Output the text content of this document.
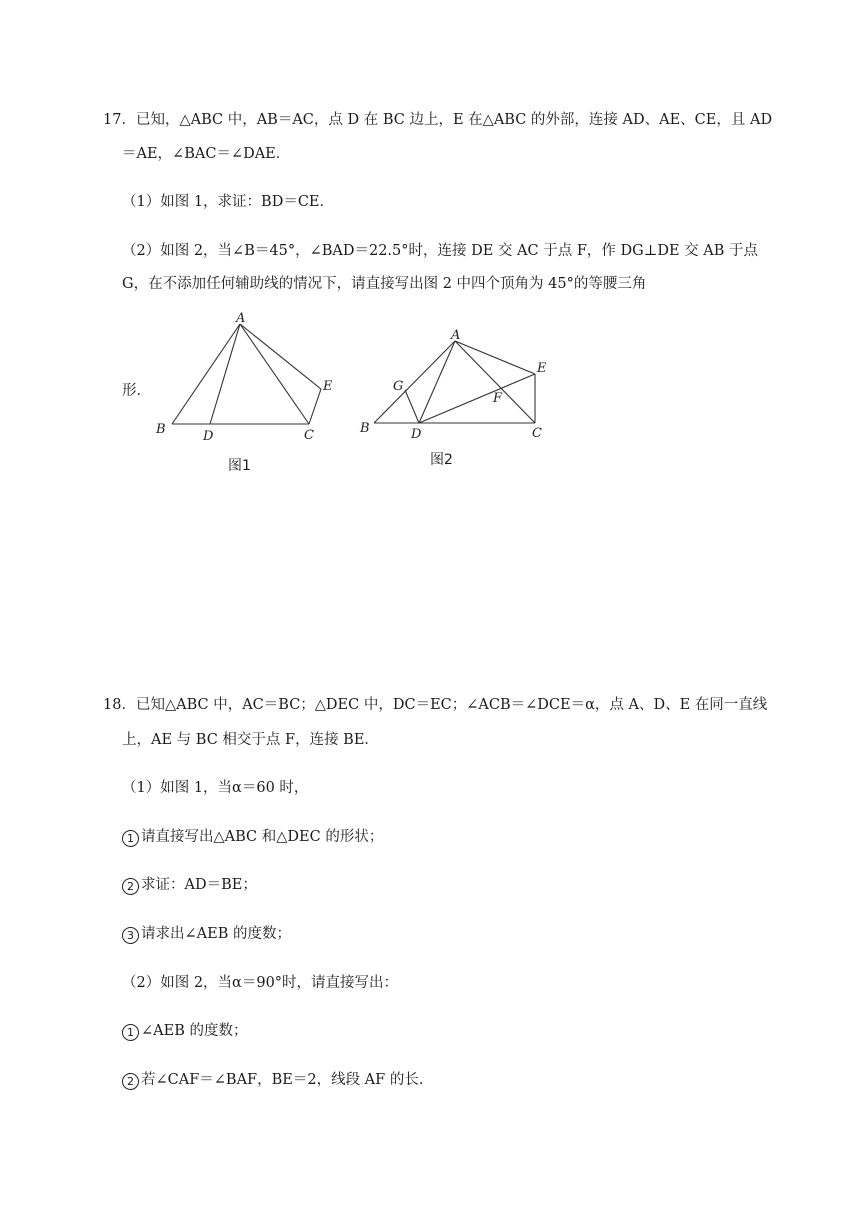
17．已知，△ABC 中，AB＝AC，点 D 在 BC 边上，E 在△ABC 的外部，连接 AD、AE、CE，且 AD
＝AE，∠BAC＝∠DAE．
（1）如图 1，求证：BD＝CE．
（2）如图 2，当∠B＝45°，∠BAD＝22.5°时，连接 DE 交 AC 于点 F，作 DG⊥DE 交 AB 于点
G，在不添加任何辅助线的情况下，请直接写出图 2 中四个顶角为 45°的等腰三角
形．
A
B	C
D
E
图1
A
B	C
D
E
F
G
图2
18．已知△ABC 中，AC＝BC；△DEC 中，DC＝EC；∠ACB＝∠DCE＝α，点 A、D、E 在同一直线
上，AE 与 BC 相交于点 F，连接 BE．
（1）如图 1，当α＝60 时，
1 请直接写出△ABC 和△DEC 的形状；
2 求证：AD＝BE；
3 请求出∠AEB 的度数；
（2）如图 2，当α＝90°时，请直接写出：
1 ∠AEB 的度数；
2 若∠CAF＝∠BAF，BE＝2，线段 AF 的长．
